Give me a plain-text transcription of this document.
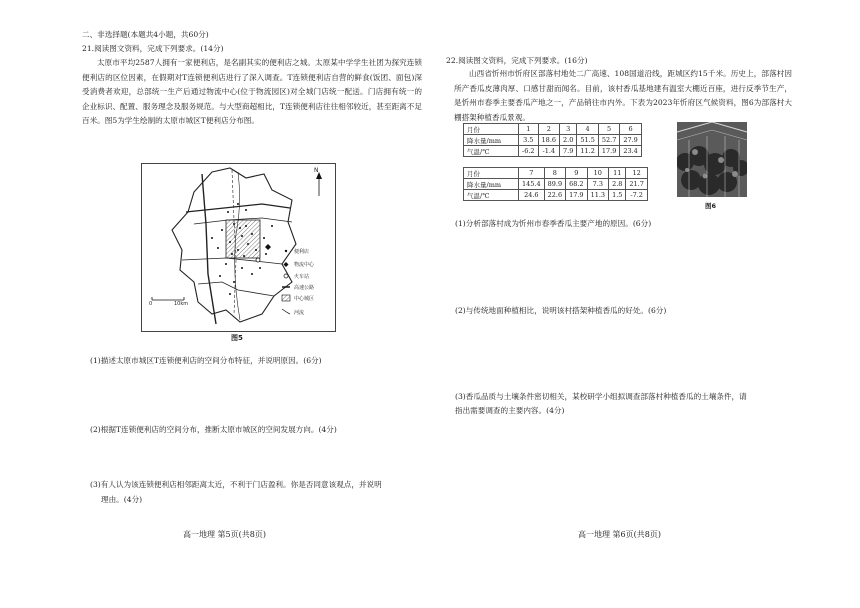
二、非选择题(本题共4小题，共60分)
21.阅读图文资料，完成下列要求。(14分)
太原市平均2587人拥有一家便利店，是名副其实的便利店之城。太原某中学学生社团为探究连锁便利店的区位因素，在假期对T连锁便利店进行了深入调查。T连锁便利店自营的鲜食(饭团、面包)深受消费者欢迎，总部统一生产后通过物流中心(位于物流园区)对全城门店统一配送。门店拥有统一的企业标识、配置、服务理念及服务规范。与大型商超相比，T连锁便利店往往相邻较近，甚至距离不足百米。图5为学生绘制的太原市城区T便利店分布图。
N
0	10km
便利店
物流中心
火车站
高速公路
中心城区
河流
图5
(1)描述太原市城区T连锁便利店的空间分布特征，并说明原因。(6分)
(2)根据T连锁便利店的空间分布，推断太原市城区的空间发展方向。(4分)
(3)有人认为该连锁便利店相邻距离太近，不利于门店盈利。你是否同意该观点，并说明
理由。(4分)
高一地理 第5页(共8页)
22.阅读图文资料，完成下列要求。(16分)
山西省忻州市忻府区部落村地处二广高速、108国道沿线，距城区约15千米。历史上，部落村因所产香瓜皮薄肉厚、口感甘甜而闻名。目前，该村香瓜基地建有温室大棚近百座，进行反季节生产，是忻州市春季主要香瓜产地之一，产品销往市内外。下表为2023年忻府区气候资料，图6为部落村大棚搭架种植香瓜景观。
月份	1	2	3	4	5	6
降水量/mm	3.5	18.6	2.0	51.5	52.7	27.9
气温/℃	-6.2	-1.4	7.9	11.2	17.9	23.4
月份	7	8	9	10	11	12
降水量/mm	145.4	89.9	68.2	7.3	2.8	21.7
气温/℃	24.6	22.6	17.9	11.3	1.5	-7.2
图6
(1)分析部落村成为忻州市春季香瓜主要产地的原因。(6分)
(2)与传统地面种植相比，说明该村搭架种植香瓜的好处。(6分)
(3)香瓜品质与土壤条件密切相关，某校研学小组拟调查部落村种植香瓜的土壤条件，请
指出需要调查的主要内容。(4分)
高一地理 第6页(共8页)
